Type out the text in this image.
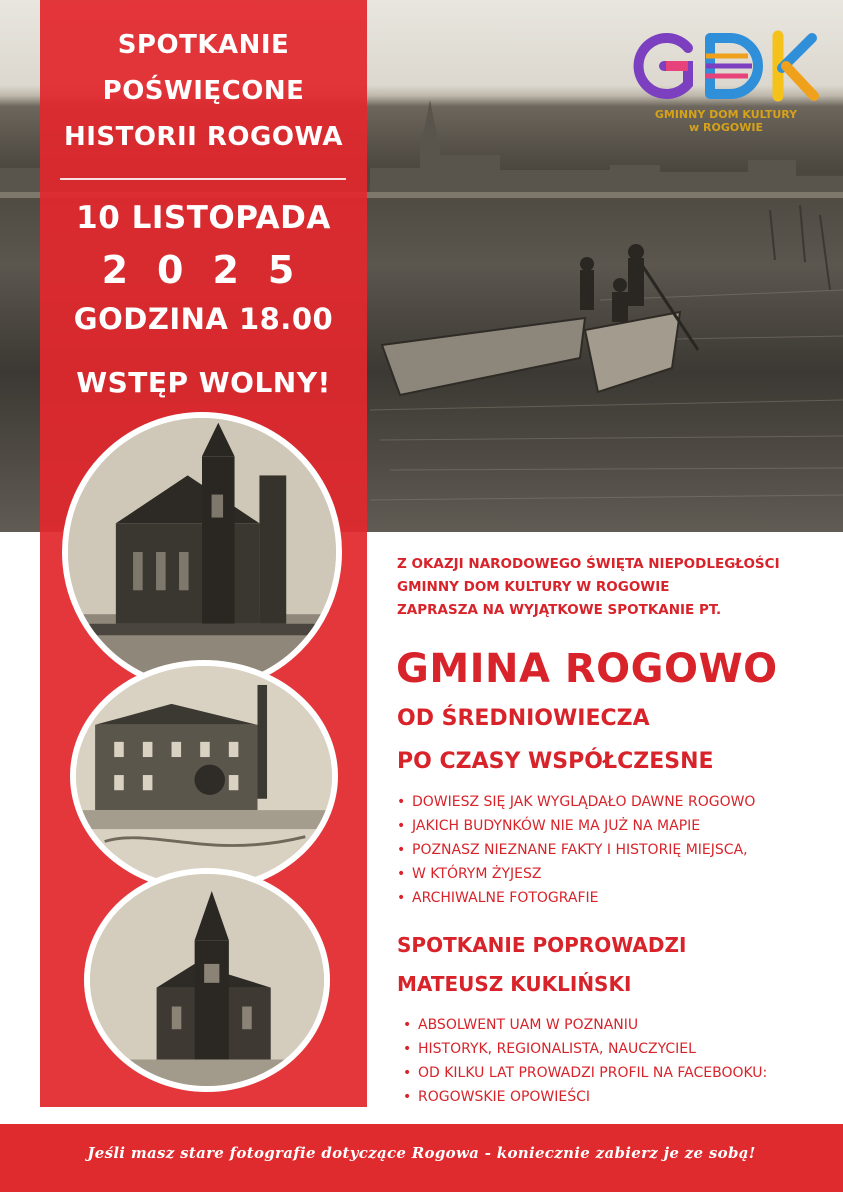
SPOTKANIE
POŚWIĘCONE
HISTORII ROGOWA
10 LISTOPADA
2025
GODZINA 18.00
WSTĘP WOLNY!
GMINNY DOM KULTURY
w ROGOWIE
Z OKAZJI NARODOWEGO ŚWIĘTA NIEPODLEGŁOŚCI
GMINNY DOM KULTURY W ROGOWIE
ZAPRASZA NA WYJĄTKOWE SPOTKANIE PT.
GMINA ROGOWO
OD ŚREDNIOWIECZA
PO CZASY WSPÓŁCZESNE
• DOWIESZ SIĘ JAK WYGLĄDAŁO DAWNE ROGOWO
• JAKICH BUDYNKÓW NIE MA JUŻ NA MAPIE
• POZNASZ NIEZNANE FAKTY I HISTORIĘ MIEJSCA,
• W KTÓRYM ŻYJESZ
• ARCHIWALNE FOTOGRAFIE
SPOTKANIE POPROWADZI
MATEUSZ KUKLIŃSKI
• ABSOLWENT UAM W POZNANIU
• HISTORYK, REGIONALISTA, NAUCZYCIEL
• OD KILKU LAT PROWADZI PROFIL NA FACEBOOKU:
• ROGOWSKIE OPOWIEŚCI
Jeśli masz stare fotografie dotyczące Rogowa - koniecznie zabierz je ze sobą!
